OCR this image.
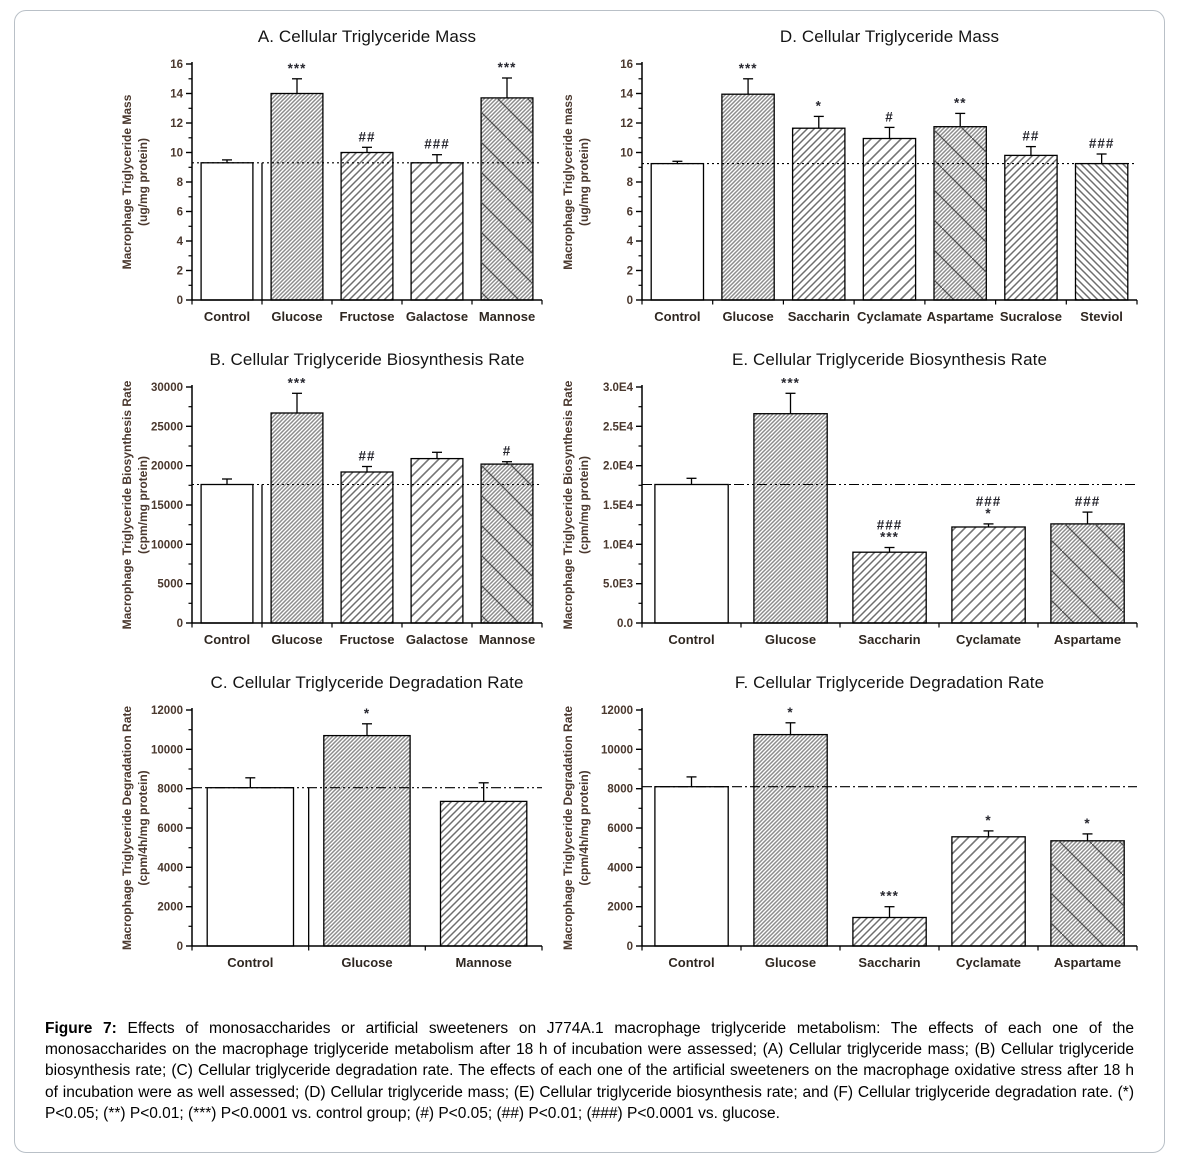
A. Cellular Triglyceride Mass
***
##	###
***
0
2
4
6
8
10
12
14
16
Control Glucose Fructose Galactose Mannose
Macrophage Triglyceride Mass (ug/mg protein)
D. Cellular Triglyceride Mass
***
*
#
**
##	###
0
2
4
6
8
10
12
14
16
Control Glucose Saccharin Cyclamate Aspartame Sucralose Steviol
Macrophage Triglyceride mass (ug/mg protein)
B. Cellular Triglyceride Biosynthesis Rate
***
##	#
0
5000
10000
15000
20000
25000
30000
Control Glucose Fructose Galactose Mannose
Macrophage Triglyceride Biosynthesis Rate (cpm/mg protein)
E. Cellular Triglyceride Biosynthesis Rate
***
###
***
###
*
###
0.0
5.0E3
1.0E4
1.5E4
2.0E4
2.5E4
3.0E4
Control	Glucose	Saccharin	Cyclamate	Aspartame
Macrophage Triglyceride Biosynthesis Rate (cpm/mg protein)
C. Cellular Triglyceride Degradation Rate
*
0
2000
4000
6000
8000
10000
12000
Control	Glucose	Mannose
Macrophage Triglyceride Degradation Rate (cpm/4h/mg protein)
F. Cellular Triglyceride Degradation Rate
*
***
*	*
0
2000
4000
6000
8000
10000
12000
Control	Glucose	Saccharin	Cyclamate	Aspartame
Macrophage Triglyceride Degradation Rate (cpm/4h/mg protein)

Figure 7: Effects of monosaccharides or artificial sweeteners on J774A.1 macrophage triglyceride metabolism: The effects of each one of the monosaccharides on the macrophage triglyceride metabolism after 18 h of incubation were assessed; (A) Cellular triglyceride mass; (B) Cellular triglyceride biosynthesis rate; (C) Cellular triglyceride degradation rate. The effects of each one of the artificial sweeteners on the macrophage oxidative stress after 18 h of incubation were as well assessed; (D) Cellular triglyceride mass; (E) Cellular triglyceride biosynthesis rate; and (F) Cellular triglyceride degradation rate. (*) P<0.05; (**) P<0.01; (***) P<0.0001 vs. control group; (#) P<0.05; (##) P<0.01; (###) P<0.0001 vs. glucose.
